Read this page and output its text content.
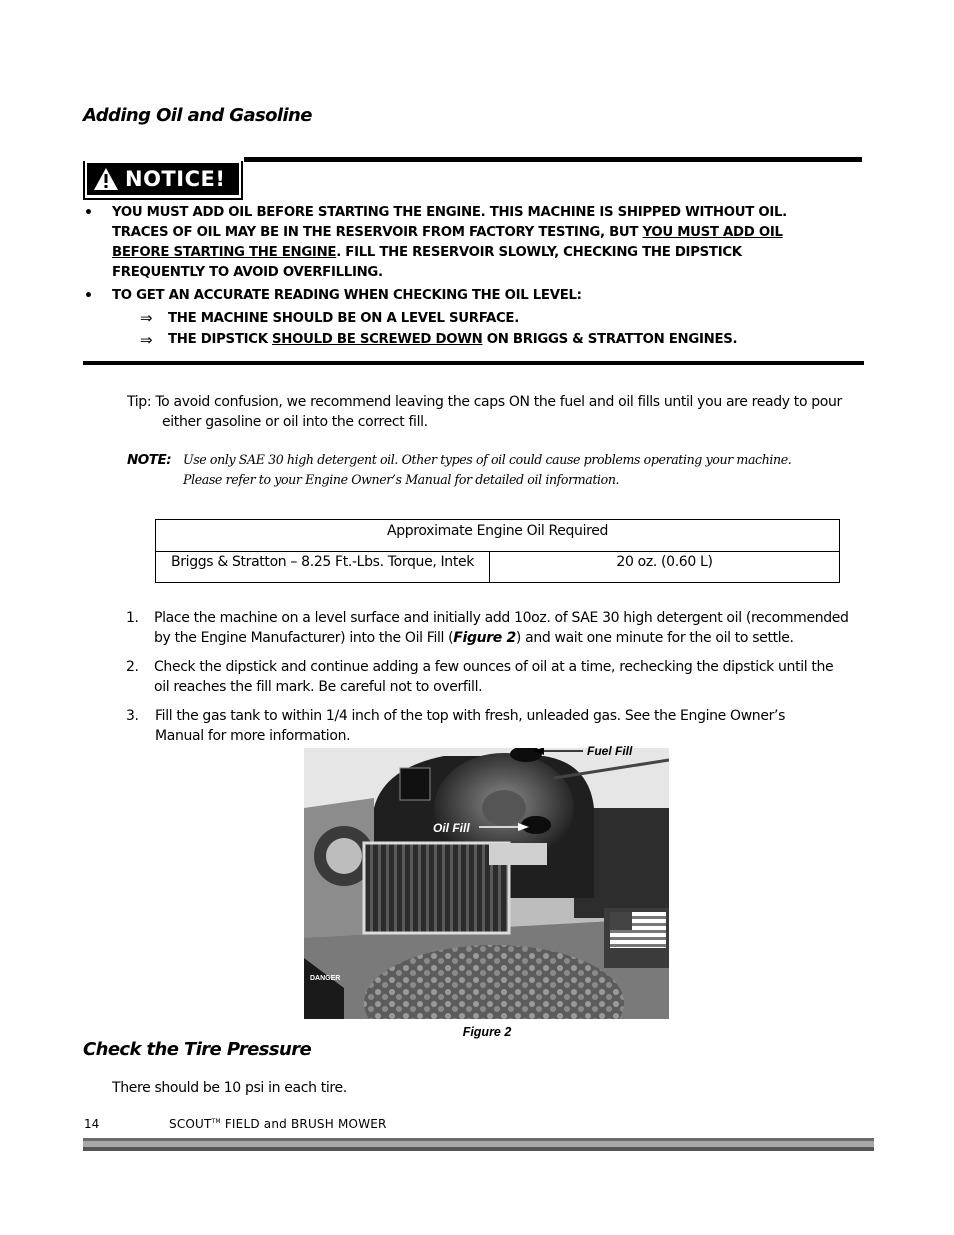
Adding Oil and Gasoline
NOTICE!
• YOU MUST ADD OIL BEFORE STARTING THE ENGINE. THIS MACHINE IS SHIPPED WITHOUT OIL.
TRACES OF OIL MAY BE IN THE RESERVOIR FROM FACTORY TESTING, BUT YOU MUST ADD OIL
BEFORE STARTING THE ENGINE. FILL THE RESERVOIR SLOWLY, CHECKING THE DIPSTICK
FREQUENTLY TO AVOID OVERFILLING.
• TO GET AN ACCURATE READING WHEN CHECKING THE OIL LEVEL:
⇒ THE MACHINE SHOULD BE ON A LEVEL SURFACE.
⇒ THE DIPSTICK SHOULD BE SCREWED DOWN ON BRIGGS & STRATTON ENGINES.
Tip: To avoid confusion, we recommend leaving the caps ON the fuel and oil fills until you are ready to pour
either gasoline or oil into the correct fill.
NOTE: Use only SAE 30 high detergent oil. Other types of oil could cause problems operating your machine.
Please refer to your Engine Owner’s Manual for detailed oil information.
Approximate Engine Oil Required
Briggs & Stratton – 8.25 Ft.-Lbs. Torque, Intek	20 oz. (0.60 L)
1. Place the machine on a level surface and initially add 10oz. of SAE 30 high detergent oil (recommended
by the Engine Manufacturer) into the Oil Fill (Figure 2) and wait one minute for the oil to settle.
2. Check the dipstick and continue adding a few ounces of oil at a time, rechecking the dipstick until the
oil reaches the fill mark. Be careful not to overfill.
3. Fill the gas tank to within 1/4 inch of the top with fresh, unleaded gas. See the Engine Owner’s
Manual for more information.
DANGER
Fuel Fill
Oil Fill
Figure 2
Check the Tire Pressure
There should be 10 psi in each tire.
14	SCOUT™ FIELD and BRUSH MOWER
